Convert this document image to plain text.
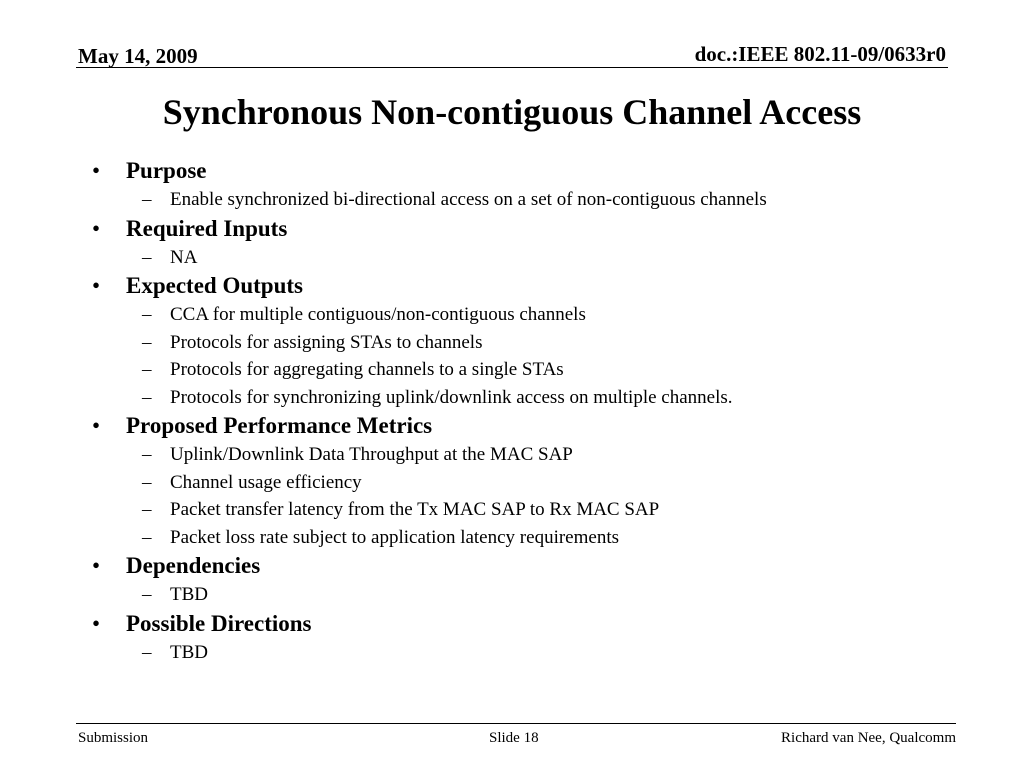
May 14, 2009	doc.:IEEE 802.11-09/0633r0
Synchronous Non-contiguous Channel Access
• Purpose
– Enable synchronized bi-directional access on a set of non-contiguous channels
• Required Inputs
– NA
• Expected Outputs
– CCA for multiple contiguous/non-contiguous channels
– Protocols for assigning STAs to channels
– Protocols for aggregating channels to a single STAs
– Protocols for synchronizing uplink/downlink access on multiple channels.
• Proposed Performance Metrics
– Uplink/Downlink Data Throughput at the MAC SAP
– Channel usage efficiency
– Packet transfer latency from the Tx MAC SAP to Rx MAC SAP
– Packet loss rate subject to application latency requirements
• Dependencies
– TBD
• Possible Directions
– TBD
Submission	Slide 18	Richard van Nee, Qualcomm
